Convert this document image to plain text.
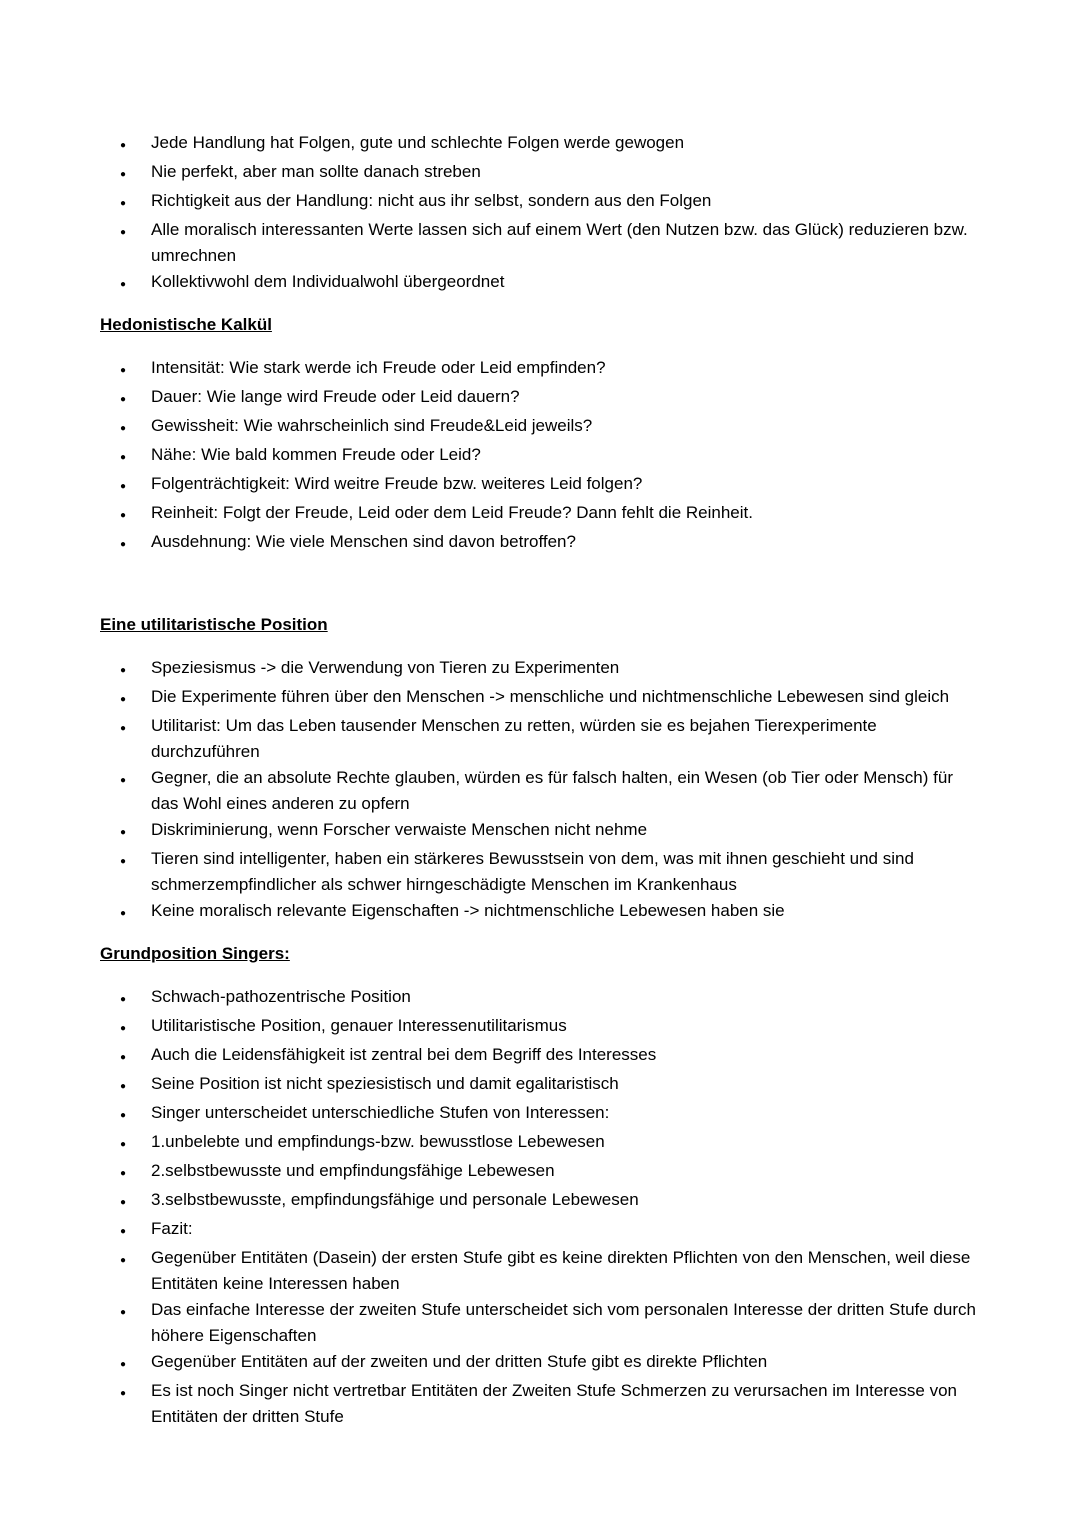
●
Jede Handlung hat Folgen, gute und schlechte Folgen werde gewogen
●
Nie perfekt, aber man sollte danach streben
●
Richtigkeit aus der Handlung: nicht aus ihr selbst, sondern aus den Folgen
●
Alle moralisch interessanten Werte lassen sich auf einem Wert (den Nutzen bzw. das Glück) reduzieren bzw. umrechnen
●
Kollektivwohl dem Individualwohl übergeordnet
Hedonistische Kalkül
●
Intensität: Wie stark werde ich Freude oder Leid empfinden?
●
Dauer: Wie lange wird Freude oder Leid dauern?
●
Gewissheit: Wie wahrscheinlich sind Freude&Leid jeweils?
●
Nähe: Wie bald kommen Freude oder Leid?
●
Folgenträchtigkeit: Wird weitre Freude bzw. weiteres Leid folgen?
●
Reinheit: Folgt der Freude, Leid oder dem Leid Freude? Dann fehlt die Reinheit.
●
Ausdehnung: Wie viele Menschen sind davon betroffen?
Eine utilitaristische Position
●
Speziesismus -> die Verwendung von Tieren zu Experimenten
●
Die Experimente führen über den Menschen -> menschliche und nichtmenschliche Lebewesen sind gleich
●
Utilitarist: Um das Leben tausender Menschen zu retten, würden sie es bejahen Tierexperimente durchzuführen
●
Gegner, die an absolute Rechte glauben, würden es für falsch halten, ein Wesen (ob Tier oder Mensch) für das Wohl eines anderen zu opfern
●
Diskriminierung, wenn Forscher verwaiste Menschen nicht nehme
●
Tieren sind intelligenter, haben ein stärkeres Bewusstsein von dem, was mit ihnen geschieht und sind schmerzempfindlicher als schwer hirngeschädigte Menschen im Krankenhaus
●
Keine moralisch relevante Eigenschaften -> nichtmenschliche Lebewesen haben sie
Grundposition Singers:
●
Schwach-pathozentrische Position
●
Utilitaristische Position, genauer Interessenutilitarismus
●
Auch die Leidensfähigkeit ist zentral bei dem Begriff des Interesses
●
Seine Position ist nicht speziesistisch und damit egalitaristisch
●
Singer unterscheidet unterschiedliche Stufen von Interessen:
●
1.unbelebte und empfindungs-bzw. bewusstlose Lebewesen
●
2.selbstbewusste und empfindungsfähige Lebewesen
●
3.selbstbewusste, empfindungsfähige und personale Lebewesen
●
Fazit:
●
Gegenüber Entitäten (Dasein) der ersten Stufe gibt es keine direkten Pflichten von den Menschen, weil diese Entitäten keine Interessen haben
●
Das einfache Interesse der zweiten Stufe unterscheidet sich vom personalen Interesse der dritten Stufe durch höhere Eigenschaften
●
Gegenüber Entitäten auf der zweiten und der dritten Stufe gibt es direkte Pflichten
●
Es ist noch Singer nicht vertretbar Entitäten der Zweiten Stufe Schmerzen zu verursachen im Interesse von Entitäten der dritten Stufe
